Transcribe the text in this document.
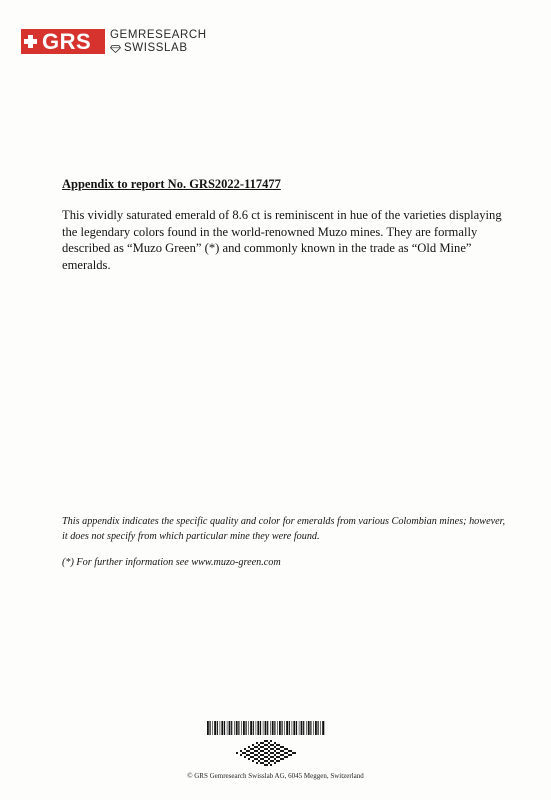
GRS GEMRESEARCH
SWISSLAB
Appendix to report No. GRS2022-117477
This vividly saturated emerald of 8.6 ct is reminiscent in hue of the varieties displaying the legendary colors found in the world-renowned Muzo mines. They are formally described as “Muzo Green” (*) and commonly known in the trade as “Old Mine” emeralds.
This appendix indicates the specific quality and color for emeralds from various Colombian mines; however, it does not specify from which particular mine they were found.
(*) For further information see www.muzo-green.com
© GRS Gemresearch Swisslab AG, 6045 Meggen, Switzerland
